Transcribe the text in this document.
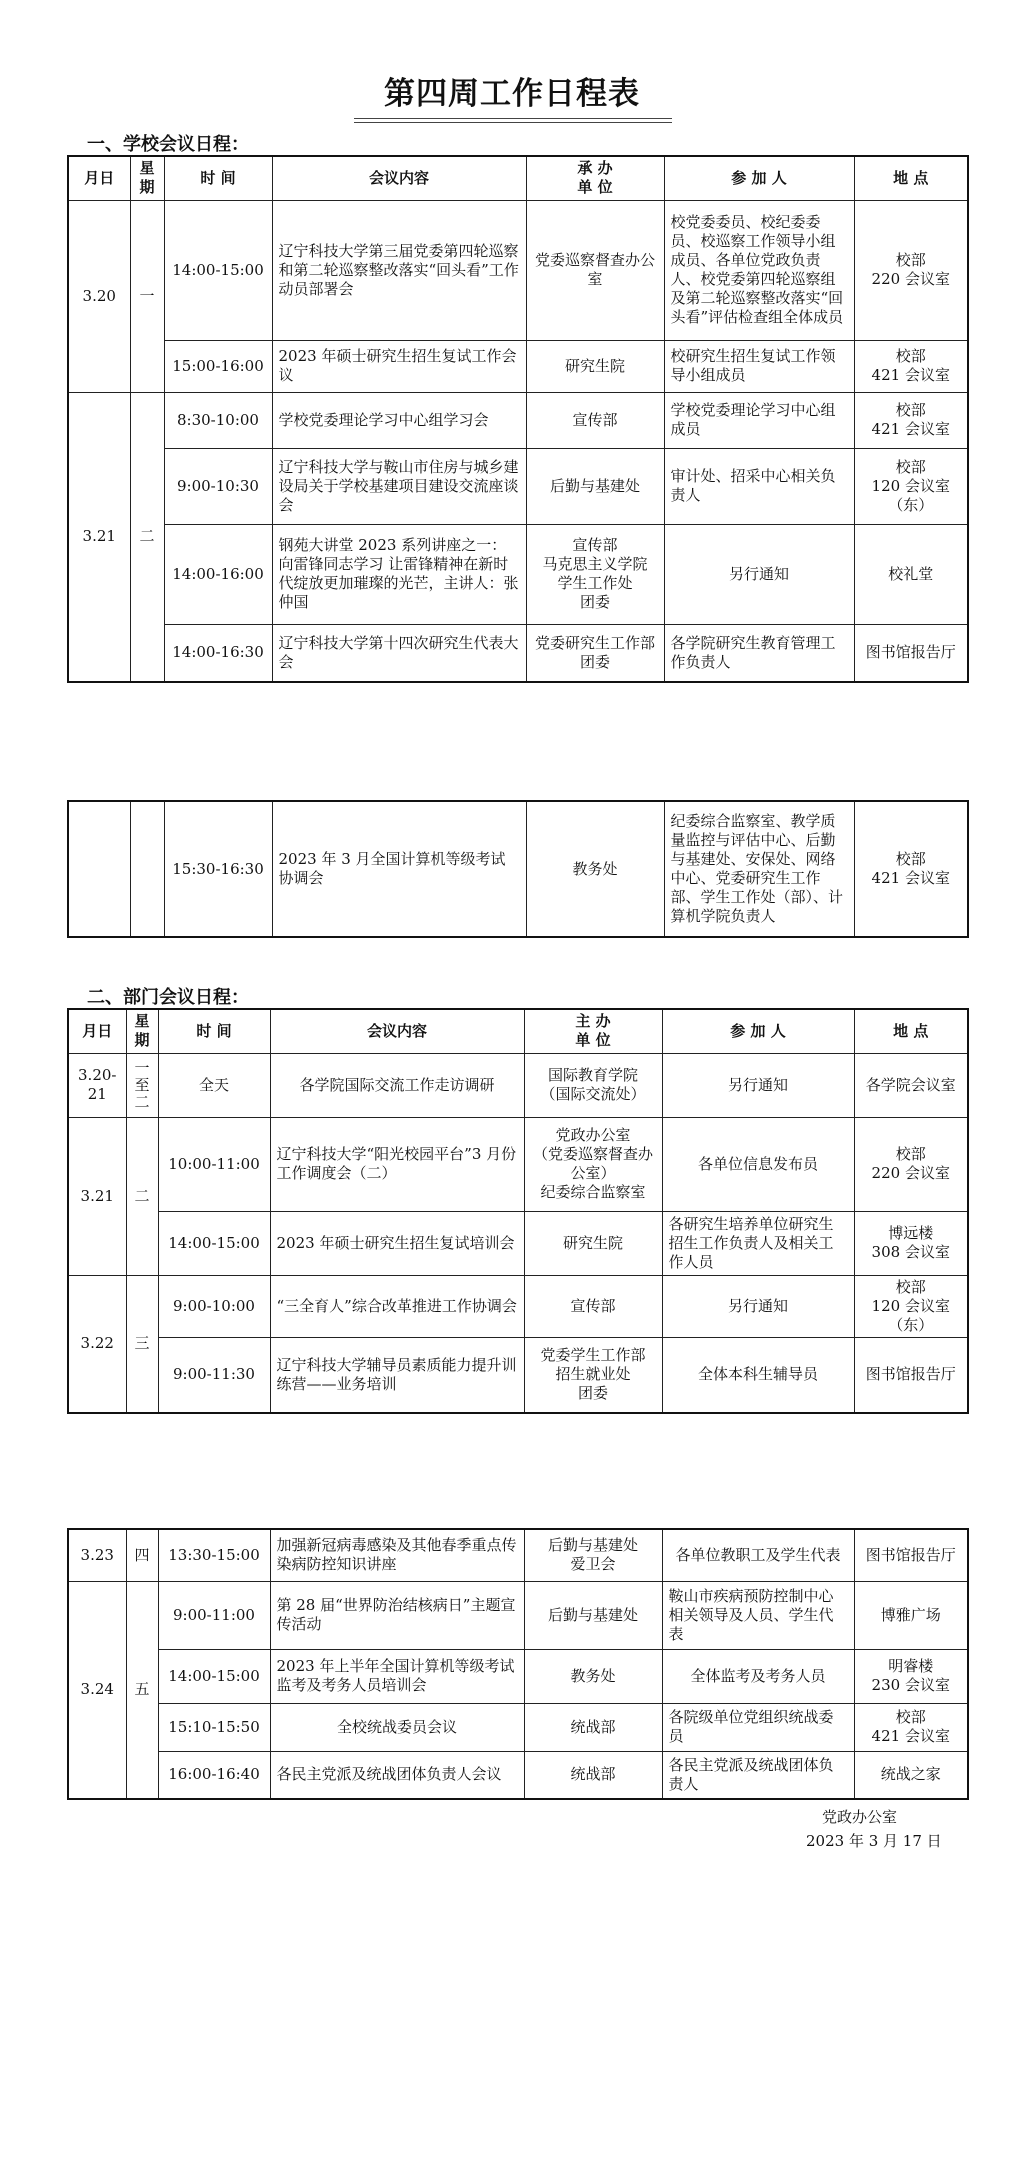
第四周工作日程表
一、学校会议日程：
月日	星
期	时 间	会议内容	承 办
单 位	参 加 人	地 点
3.20	一	14:00-15:00	辽宁科技大学第三届党委第四轮巡察和第二轮巡察整改落实“回头看”工作动员部署会	党委巡察督查办公室	校党委委员、校纪委委员、校巡察工作领导小组成员、各单位党政负责人、校党委第四轮巡察组及第二轮巡察整改落实“回头看”评估检查组全体成员	校部
220 会议室
		15:00-16:00	2023 年硕士研究生招生复试工作会议	研究生院	校研究生招生复试工作领导小组成员	校部
421 会议室
3.21	二	8:30-10:00	学校党委理论学习中心组学习会	宣传部	学校党委理论学习中心组成员	校部
421 会议室
		9:00-10:30	辽宁科技大学与鞍山市住房与城乡建设局关于学校基建项目建设交流座谈会	后勤与基建处	审计处、招采中心相关负责人	校部
120 会议室
（东）
		14:00-16:00	钢苑大讲堂 2023 系列讲座之一：向雷锋同志学习 让雷锋精神在新时代绽放更加璀璨的光芒，主讲人：张仲国	宣传部
马克思主义学院
学生工作处
团委	另行通知	校礼堂
		14:00-16:30	辽宁科技大学第十四次研究生代表大会	党委研究生工作部
团委	各学院研究生教育管理工作负责人	图书馆报告厅
		15:30-16:30	2023 年 3 月全国计算机等级考试协调会	教务处	纪委综合监察室、教学质量监控与评估中心、后勤与基建处、安保处、网络中心、党委研究生工作部、学生工作处（部）、计算机学院负责人	校部
421 会议室
二、部门会议日程：
月日	星
期	时 间	会议内容	主 办
单 位	参 加 人	地 点
3.20-
21	一
至
二	全天	各学院国际交流工作走访调研	国际教育学院
（国际交流处）	另行通知	各学院会议室
3.21	二	10:00-11:00	辽宁科技大学“阳光校园平台”3 月份工作调度会（二）	党政办公室
（党委巡察督查办公室）
纪委综合监察室	各单位信息发布员	校部
220 会议室
		14:00-15:00	2023 年硕士研究生招生复试培训会	研究生院	各研究生培养单位研究生招生工作负责人及相关工作人员	博远楼
308 会议室
3.22	三	9:00-10:00	“三全育人”综合改革推进工作协调会	宣传部	另行通知	校部
120 会议室
（东）
		9:00-11:30	辽宁科技大学辅导员素质能力提升训练营——业务培训	党委学生工作部
招生就业处
团委	全体本科生辅导员	图书馆报告厅
3.23	四	13:30-15:00	加强新冠病毒感染及其他春季重点传染病防控知识讲座	后勤与基建处
爱卫会	各单位教职工及学生代表	图书馆报告厅
3.24	五	9:00-11:00	第 28 届“世界防治结核病日”主题宣传活动	后勤与基建处	鞍山市疾病预防控制中心相关领导及人员、学生代表	博雅广场
		14:00-15:00	2023 年上半年全国计算机等级考试监考及考务人员培训会	教务处	全体监考及考务人员	明睿楼
230 会议室
		15:10-15:50	全校统战委员会议	统战部	各院级单位党组织统战委员	校部
421 会议室
		16:00-16:40	各民主党派及统战团体负责人会议	统战部	各民主党派及统战团体负责人	统战之家
党政办公室
2023 年 3 月 17 日
